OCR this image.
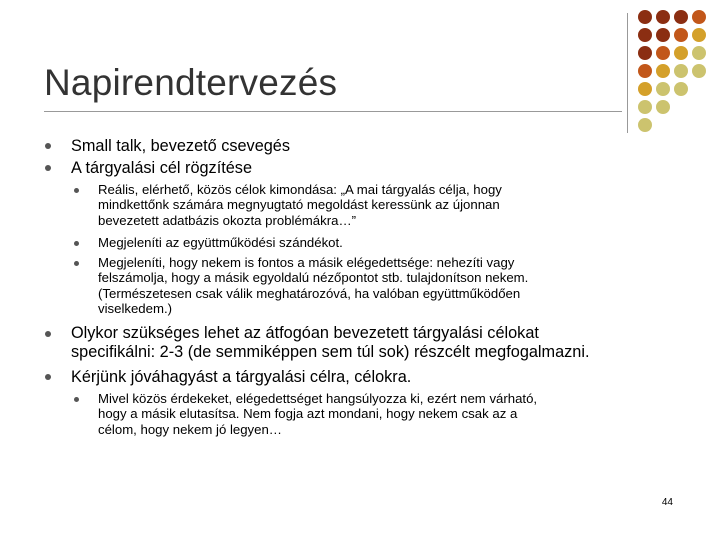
Napirendtervezés
Small talk, bevezető csevegés
A tárgyalási cél rögzítése
Reális, elérhető, közös célok kimondása: „A mai tárgyalás célja, hogy
mindkettőnk számára megnyugtató megoldást keressünk az újonnan
bevezetett adatbázis okozta problémákra…”
Megjeleníti az együttműködési szándékot.
Megjeleníti, hogy nekem is fontos a másik elégedettsége: nehezíti vagy
felszámolja, hogy a másik egyoldalú nézőpontot stb. tulajdonítson nekem.
(Természetesen csak válik meghatározóvá, ha valóban együttműködően
viselkedem.)
Olykor szükséges lehet az átfogóan bevezetett tárgyalási célokat
specifikálni: 2-3 (de semmiképpen sem túl sok) részcélt megfogalmazni.
Kérjünk jóváhagyást a tárgyalási célra, célokra.
Mivel közös érdekeket, elégedettséget hangsúlyozza ki, ezért nem várható,
hogy a másik elutasítsa. Nem fogja azt mondani, hogy nekem csak az a
célom, hogy nekem jó legyen…
44
